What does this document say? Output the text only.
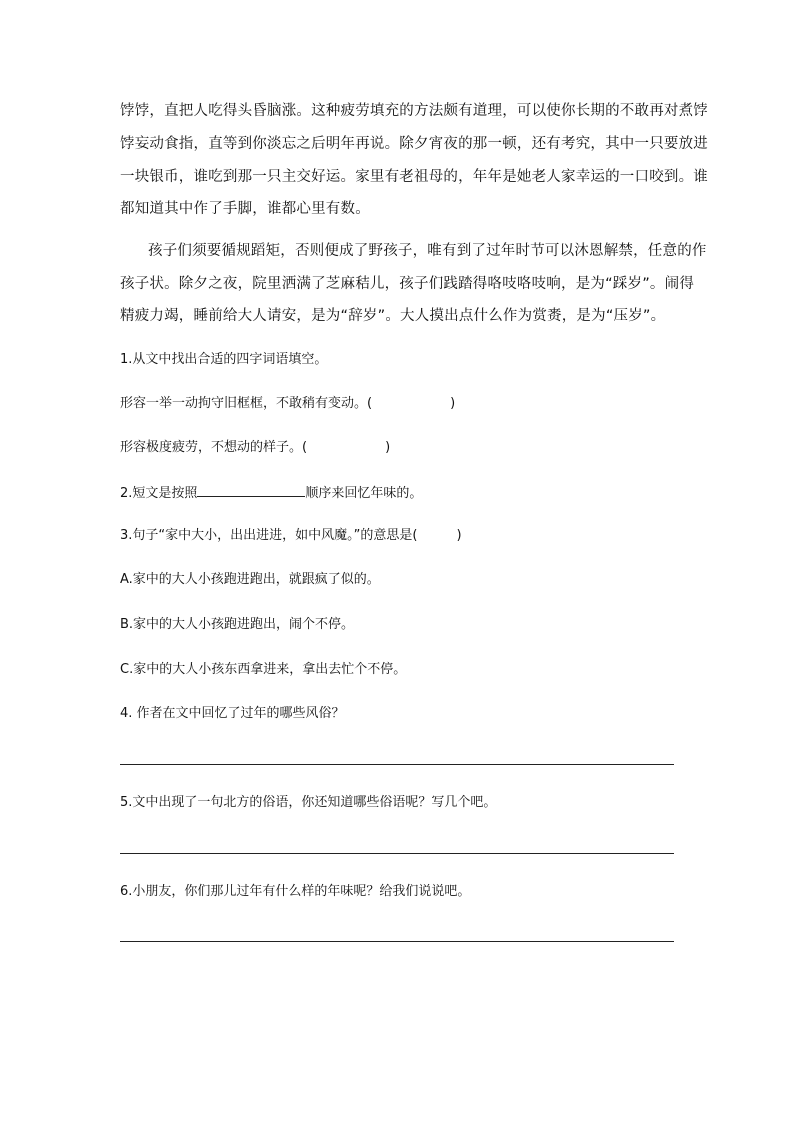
饽饽，直把人吃得头昏脑涨。这种疲劳填充的方法颇有道理，可以使你长期的不敢再对煮饽
饽妄动食指，直等到你淡忘之后明年再说。除夕宵夜的那一顿，还有考究，其中一只要放进
一块银币，谁吃到那一只主交好运。家里有老祖母的，年年是她老人家幸运的一口咬到。谁
都知道其中作了手脚，谁都心里有数。
孩子们须要循规蹈矩，否则便成了野孩子，唯有到了过年时节可以沐恩解禁，任意的作
孩子状。除夕之夜，院里洒满了芝麻秸儿，孩子们践踏得咯吱咯吱响，是为“踩岁”。闹得
精疲力竭，睡前给大人请安，是为“辞岁”。大人摸出点什么作为赏赉，是为“压岁”。
1.从文中找出合适的四字词语填空。
形容一举一动拘守旧框框，不敢稍有变动。(　　　　　　)
形容极度疲劳，不想动的样子。(　　　　　　)
2.短文是按照	顺序来回忆年味的。
3.句子“家中大小，出出进进，如中风魔。”的意思是(　　　)
A.家中的大人小孩跑进跑出，就跟疯了似的。
B.家中的大人小孩跑进跑出，闹个不停。
C.家中的大人小孩东西拿进来，拿出去忙个不停。
4. 作者在文中回忆了过年的哪些风俗？
5.文中出现了一句北方的俗语，你还知道哪些俗语呢？写几个吧。
6.小朋友，你们那儿过年有什么样的年味呢？给我们说说吧。
